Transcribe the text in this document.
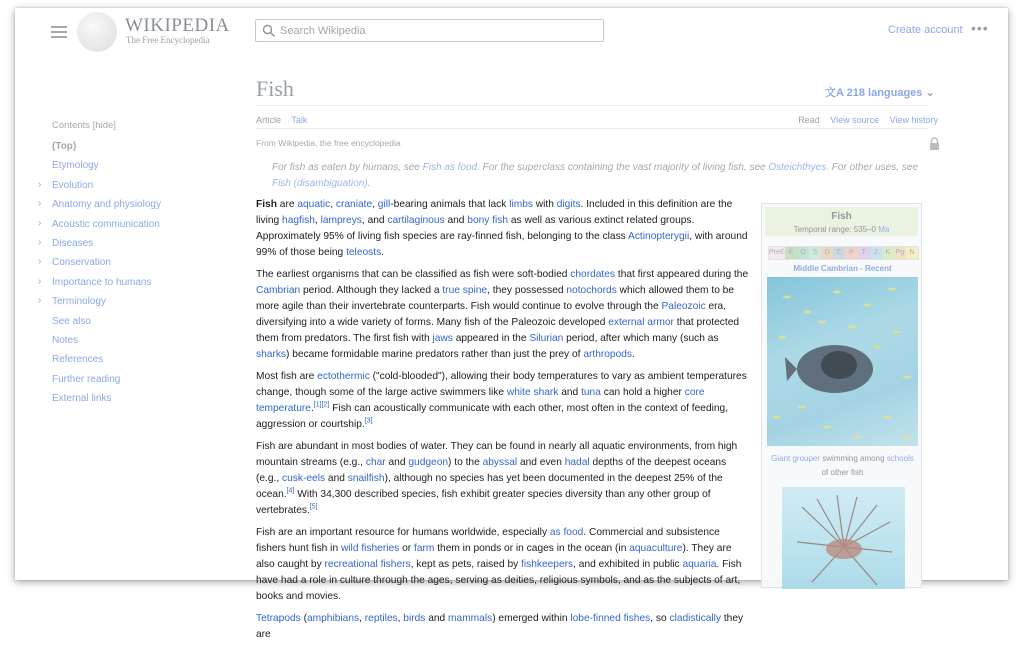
WIKIPEDIA
The Free Encyclopedia
Search Wikipedia
Create account •••
Contents [hide]
(Top)
Etymology
› Evolution
› Anatomy and physiology
› Acoustic communication
› Diseases
› Conservation
› Importance to humans
› Terminology
See also
Notes
References
Further reading
External links
Fish	文A 218 languages ⌄
Article Talk	Read View source View history
From Wikipedia, the free encyclopedia
For fish as eaten by humans, see Fish as food. For the superclass containing the vast majority of living fish, see Osteichthyes. For other uses, see Fish (disambiguation).

Fish are aquatic, craniate, gill-bearing animals that lack limbs with digits. Included in this definition are the living hagfish, lampreys, and cartilaginous and bony fish as well as various extinct related groups. Approximately 95% of living fish species are ray-finned fish, belonging to the class Actinopterygii, with around 99% of those being teleosts.

The earliest organisms that can be classified as fish were soft-bodied chordates that first appeared during the Cambrian period. Although they lacked a true spine, they possessed notochords which allowed them to be more agile than their invertebrate counterparts. Fish would continue to evolve through the Paleozoic era, diversifying into a wide variety of forms. Many fish of the Paleozoic developed external armor that protected them from predators. The first fish with jaws appeared in the Silurian period, after which many (such as sharks) became formidable marine predators rather than just the prey of arthropods.

Most fish are ectothermic ("cold-blooded"), allowing their body temperatures to vary as ambient temperatures change, though some of the large active swimmers like white shark and tuna can hold a higher core temperature.[1][2] Fish can acoustically communicate with each other, most often in the context of feeding, aggression or courtship.[3]

Fish are abundant in most bodies of water. They can be found in nearly all aquatic environments, from high mountain streams (e.g., char and gudgeon) to the abyssal and even hadal depths of the deepest oceans (e.g., cusk-eels and snailfish), although no species has yet been documented in the deepest 25% of the ocean.[4] With 34,300 described species, fish exhibit greater species diversity than any other group of vertebrates.[5]

Fish are an important resource for humans worldwide, especially as food. Commercial and subsistence fishers hunt fish in wild fisheries or farm them in ponds or in cages in the ocean (in aquaculture). They are also caught by recreational fishers, kept as pets, raised by fishkeepers, and exhibited in public aquaria. Fish have had a role in culture through the ages, serving as deities, religious symbols, and as the subjects of art, books and movies.

Tetrapods (amphibians, reptiles, birds and mammals) emerged within lobe-finned fishes, so cladistically they are

Fish
Temporal range: 535–0 Ma
PreЄ Є O	S	D	C	P	T	J	K Pg N
Middle Cambrian - Recent
Giant grouper swimming among schools
of other fish
